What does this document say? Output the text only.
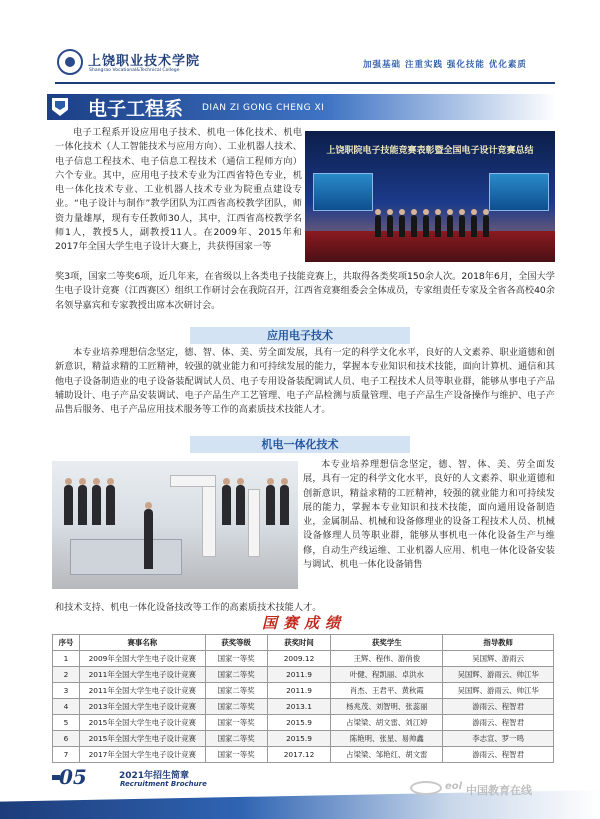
上饶职业技术学院
Shangrao Vocational&Technical College
加强基础 注重实践 强化技能 优化素质
电子工程系 DIAN ZI GONG CHENG XI
电子工程系开设应用电子技术、机电一体化技术、机电一体化技术（人工智能技术与应用方向）、工业机器人技术、电子信息工程技术、电子信息工程技术（通信工程师方向）六个专业。其中，应用电子技术专业为江西省特色专业，机电一体化技术专业、工业机器人技术专业为院重点建设专业。“电子设计与制作”教学团队为江西省高校教学团队，师资力量雄厚，现有专任教师30人，其中，江西省高校教学名师1人，教授5人，副教授11人。在2009年、2015年和2017年全国大学生电子设计大赛上，共获得国家一等
奖3项，国家二等奖6项，近几年来，在省级以上各类电子技能竞赛上，共取得各类奖项150余人次。2018年6月，全国大学生电子设计竞赛（江西赛区）组织工作研讨会在我院召开，江西省竞赛组委会全体成员，专家组责任专家及全省各高校40余名领导嘉宾和专家教授出席本次研讨会。
上饶职院电子技能竞赛表彰暨全国电子设计竞赛总结
应用电子技术
本专业培养理想信念坚定，德、智、体、美、劳全面发展，具有一定的科学文化水平，良好的人文素养、职业道德和创新意识，精益求精的工匠精神，较强的就业能力和可持续发展的能力，掌握本专业知识和技术技能，面向计算机、通信和其他电子设备制造业的电子设备装配调试人员、电子专用设备装配调试人员、电子工程技术人员等职业群，能够从事电子产品辅助设计、电子产品安装调试、电子产品生产工艺管理、电子产品检测与质量管理、电子产品生产设备操作与维护、电子产品售后服务、电子产品应用技术服务等工作的高素质技术技能人才。
机电一体化技术
本专业培养理想信念坚定，德、智、体、美、劳全面发展，具有一定的科学文化水平，良好的人文素养、职业道德和创新意识，精益求精的工匠精神，较强的就业能力和可持续发展的能力，掌握本专业知识和技术技能，面向通用设备制造业，金属制品、机械和设备修理业的设备工程技术人员、机械设备修理人员等职业群，能够从事机电一体化设备生产与维修，自动生产线运维、工业机器人应用、机电一体化设备安装与调试、机电一体化设备销售
和技术支持、机电一体化设备技改等工作的高素质技术技能人才。
国赛成绩
序号	赛事名称	获奖等级	获奖时间	获奖学生	指导教师
1	2009年全国大学生电子设计竞赛	国家一等奖	2009.12	王辉、程伟、游俏俊	吴国辉、游雨云
2	2011年全国大学生电子设计竞赛	国家二等奖	2011.9	叶健、程凯丽、卓洪水	吴国辉、游雨云、帅江华
3	2011年全国大学生电子设计竞赛	国家二等奖	2011.9	肖杰、王君平、黄秋霞	吴国辉、游雨云、帅江华
4	2013年全国大学生电子设计竞赛	国家二等奖	2013.1	杨兆茂、刘智明、张蕊丽	游雨云、程智君
5	2015年全国大学生电子设计竞赛	国家一等奖	2015.9	占梁梁、胡文雷、刘江婷	游雨云、程智君
6	2015年全国大学生电子设计竞赛	国家二等奖	2015.9	陈艳明、张星、易帅鑫	李志宣、罗一鸣
7	2017年全国大学生电子设计竞赛	国家一等奖	2017.12	占梁梁、邹艳红、胡文雷	游雨云、程智君
05	2021年招生简章
Recruitment Brochure	eol 中国教育在线
